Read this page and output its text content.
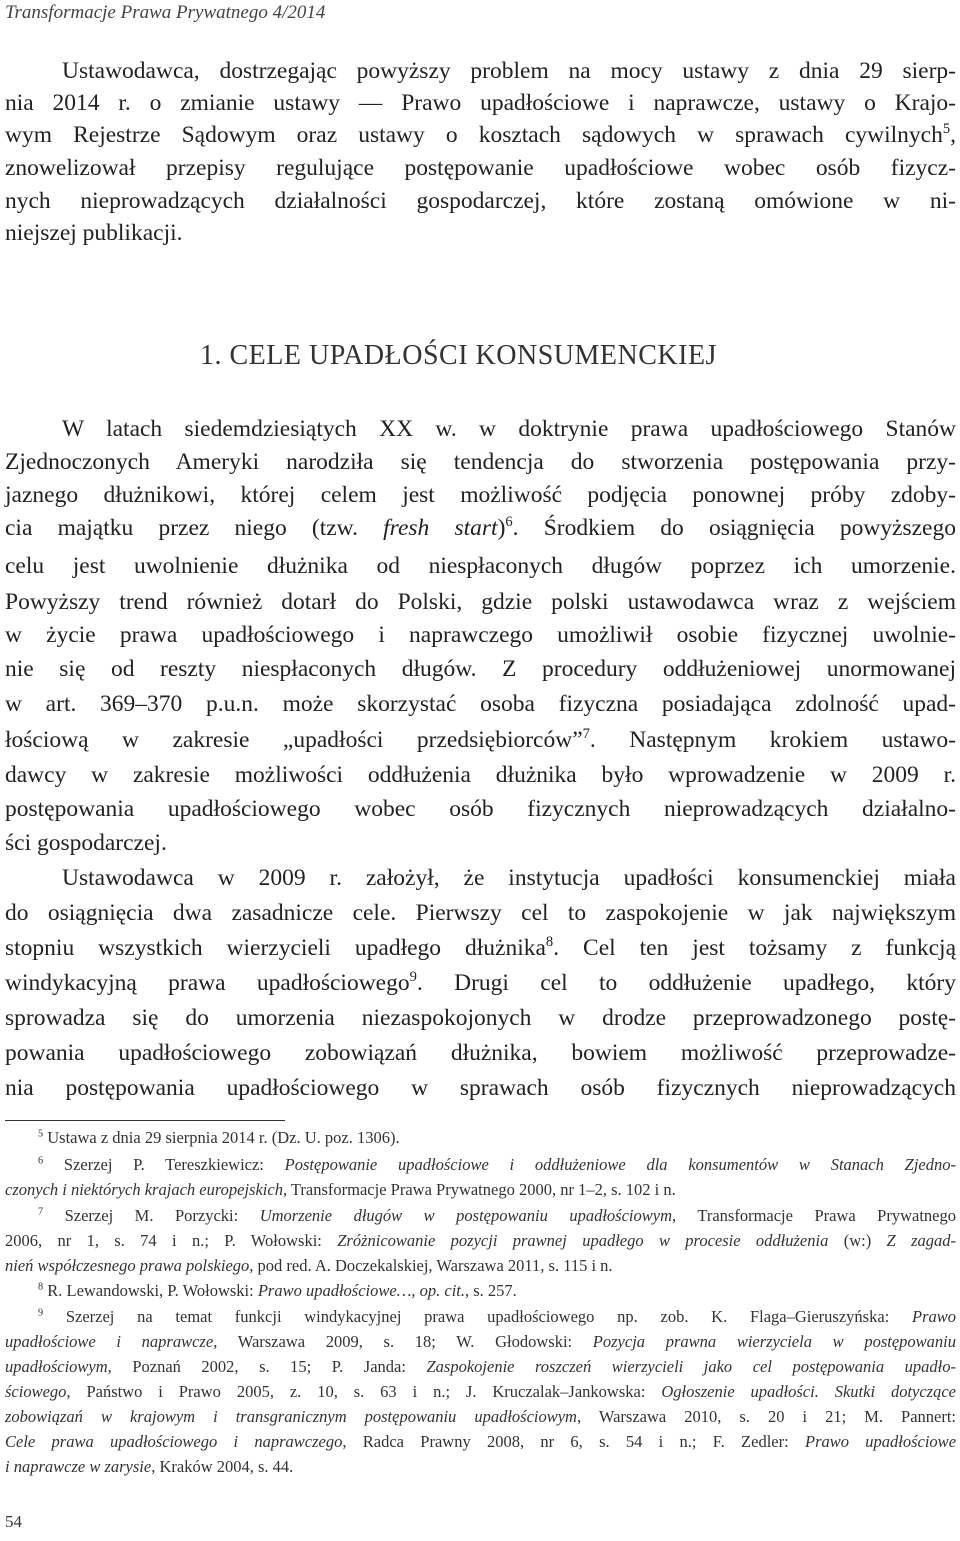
Transformacje Prawa Prywatnego 4/2014
Ustawodawca, dostrzegając powyższy problem na mocy ustawy z dnia 29 sierp-
nia 2014 r. o zmianie ustawy — Prawo upadłościowe i naprawcze, ustawy o Krajo-
wym Rejestrze Sądowym oraz ustawy o kosztach sądowych w sprawach cywilnych$^5$,
znowelizował przepisy regulujące postępowanie upadłościowe wobec osób fizycz-
nych nieprowadzących działalności gospodarczej, które zostaną omówione w ni-
niejszej publikacji.
1. CELE UPADŁOŚCI KONSUMENCKIEJ
W latach siedemdziesiątych XX w. w doktrynie prawa upadłościowego Stanów
Zjednoczonych Ameryki narodziła się tendencja do stworzenia postępowania przy-
jaznego dłużnikowi, której celem jest możliwość podjęcia ponownej próby zdoby-
cia majątku przez niego (tzw. fresh start)$^6$. Środkiem do osiągnięcia powyższego
celu jest uwolnienie dłużnika od niespłaconych długów poprzez ich umorzenie.
Powyższy trend również dotarł do Polski, gdzie polski ustawodawca wraz z wejściem
w życie prawa upadłościowego i naprawczego umożliwił osobie fizycznej uwolnie-
nie się od reszty niespłaconych długów. Z procedury oddłużeniowej unormowanej
w art. 369–370 p.u.n. może skorzystać osoba fizyczna posiadająca zdolność upad-
łościową w zakresie „upadłości przedsiębiorców”$^7$. Następnym krokiem ustawo-
dawcy w zakresie możliwości oddłużenia dłużnika było wprowadzenie w 2009 r.
postępowania upadłościowego wobec osób fizycznych nieprowadzących działalno-
ści gospodarczej.
Ustawodawca w 2009 r. założył, że instytucja upadłości konsumenckiej miała
do osiągnięcia dwa zasadnicze cele. Pierwszy cel to zaspokojenie w jak największym
stopniu wszystkich wierzycieli upadłego dłużnika$^8$. Cel ten jest tożsamy z funkcją
windykacyjną prawa upadłościowego$^9$. Drugi cel to oddłużenie upadłego, który
sprowadza się do umorzenia niezaspokojonych w drodze przeprowadzonego postę-
powania upadłościowego zobowiązań dłużnika, bowiem możliwość przeprowadze-
nia postępowania upadłościowego w sprawach osób fizycznych nieprowadzących
$^5$ Ustawa z dnia 29 sierpnia 2014 r. (Dz. U. poz. 1306).
$^6$ Szerzej P. Tereszkiewicz: Postępowanie upadłościowe i oddłużeniowe dla konsumentów w Stanach Zjedno-
czonych i niektórych krajach europejskich, Transformacje Prawa Prywatnego 2000, nr 1–2, s. 102 i n.
$^7$ Szerzej M. Porzycki: Umorzenie długów w postępowaniu upadłościowym, Transformacje Prawa Prywatnego
2006, nr 1, s. 74 i n.; P. Wołowski: Zróżnicowanie pozycji prawnej upadłego w procesie oddłużenia (w:) Z zagad-
nień współczesnego prawa polskiego, pod red. A. Doczekalskiej, Warszawa 2011, s. 115 i n.
$^8$ R. Lewandowski, P. Wołowski: Prawo upadłościowe…, op. cit., s. 257.
$^9$ Szerzej na temat funkcji windykacyjnej prawa upadłościowego np. zob. K. Flaga–Gieruszyńska: Prawo
upadłościowe i naprawcze, Warszawa 2009, s. 18; W. Głodowski: Pozycja prawna wierzyciela w postępowaniu
upadłościowym, Poznań 2002, s. 15; P. Janda: Zaspokojenie roszczeń wierzycieli jako cel postępowania upadło-
ściowego, Państwo i Prawo 2005, z. 10, s. 63 i n.; J. Kruczalak–Jankowska: Ogłoszenie upadłości. Skutki dotyczące
zobowiązań w krajowym i transgranicznym postępowaniu upadłościowym, Warszawa 2010, s. 20 i 21; M. Pannert:
Cele prawa upadłościowego i naprawczego, Radca Prawny 2008, nr 6, s. 54 i n.; F. Zedler: Prawo upadłościowe
i naprawcze w zarysie, Kraków 2004, s. 44.
54
